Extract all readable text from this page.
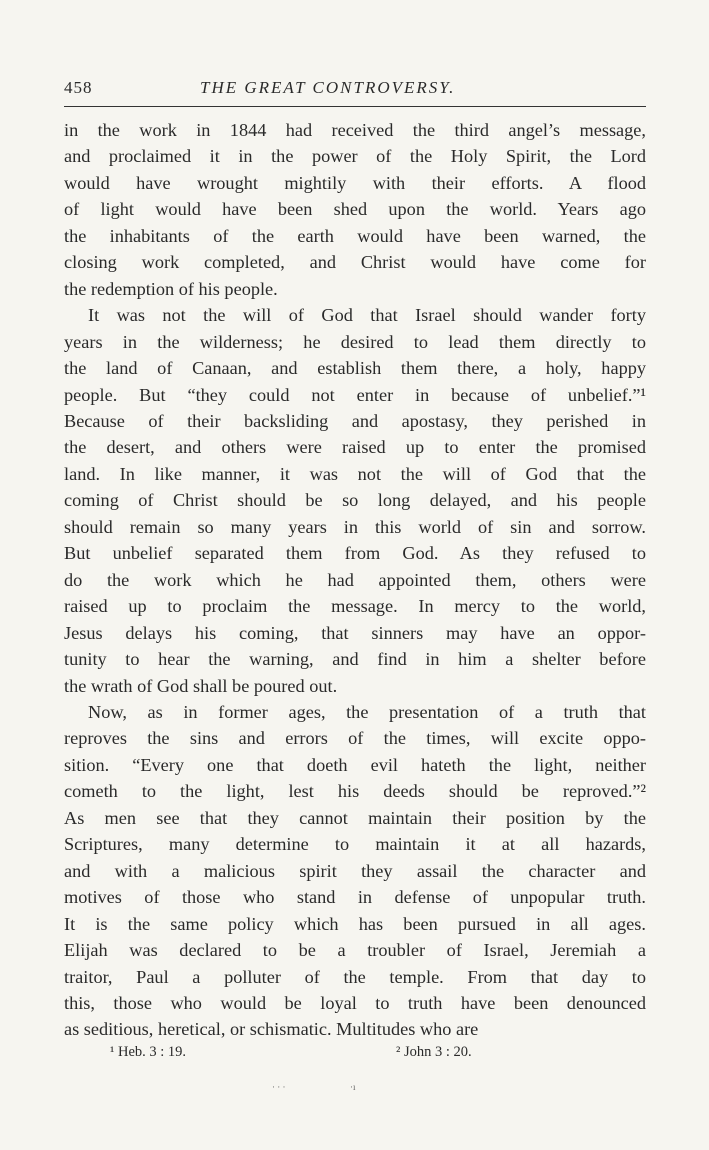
458	THE GREAT CONTROVERSY.
in the work in 1844 had received the third angel’s message,
and proclaimed it in the power of the Holy Spirit, the Lord
would have wrought mightily with their efforts. A flood
of light would have been shed upon the world. Years ago
the inhabitants of the earth would have been warned, the
closing work completed, and Christ would have come for
the redemption of his people.
It was not the will of God that Israel should wander forty
years in the wilderness; he desired to lead them directly to
the land of Canaan, and establish them there, a holy, happy
people. But “they could not enter in because of unbelief.”¹
Because of their backsliding and apostasy, they perished in
the desert, and others were raised up to enter the promised
land. In like manner, it was not the will of God that the
coming of Christ should be so long delayed, and his people
should remain so many years in this world of sin and sorrow.
But unbelief separated them from God. As they refused to
do the work which he had appointed them, others were
raised up to proclaim the message. In mercy to the world,
Jesus delays his coming, that sinners may have an oppor-
tunity to hear the warning, and find in him a shelter before
the wrath of God shall be poured out.
Now, as in former ages, the presentation of a truth that
reproves the sins and errors of the times, will excite oppo-
sition. “Every one that doeth evil hateth the light, neither
cometh to the light, lest his deeds should be reproved.”²
As men see that they cannot maintain their position by the
Scriptures, many determine to maintain it at all hazards,
and with a malicious spirit they assail the character and
motives of those who stand in defense of unpopular truth.
It is the same policy which has been pursued in all ages.
Elijah was declared to be a troubler of Israel, Jeremiah a
traitor, Paul a polluter of the temple. From that day to
this, those who would be loyal to truth have been denounced
as seditious, heretical, or schismatic. Multitudes who are
¹ Heb. 3 : 19.	² John 3 : 20.
· · ·	·ı
